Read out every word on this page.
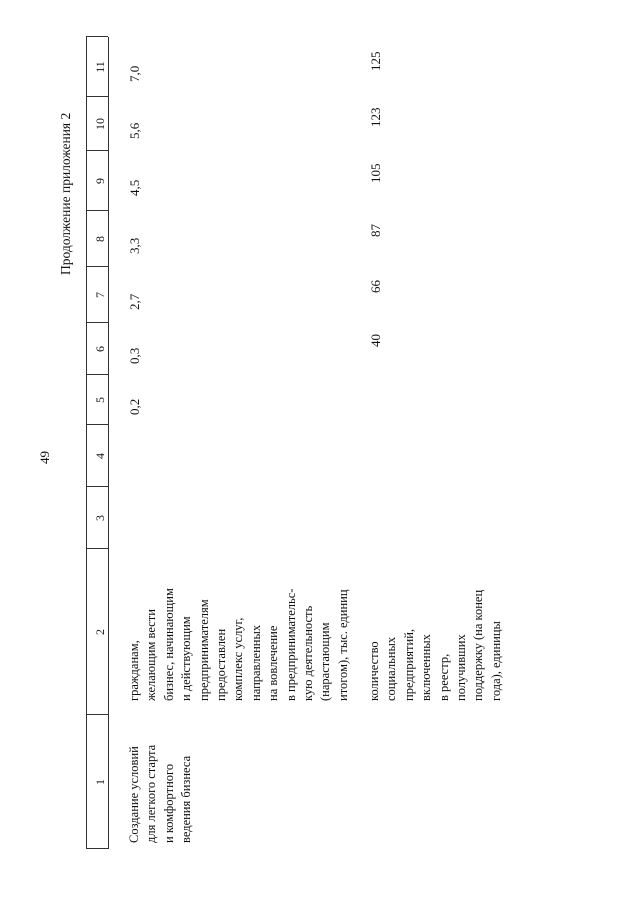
49
Продолжение приложения 2
1
2
3
4
5
6
7
8
9
10
11
Создание условий для легкого старта и комфортного ведения бизнеса
гражданам, желающим вести бизнес, начинающим и действующим предпринимателям предоставлен комплекс услуг, направленных на вовлечение в предпринимательс- кую деятельность (нарастающим итогом), тыс. единиц
0,2
0,3
2,7
3,3
4,5
5,6
7,0
количество социальных предприятий, включенных в реестр, получивших поддержку (на конец года), единицы
40
66
87
105
123
125
